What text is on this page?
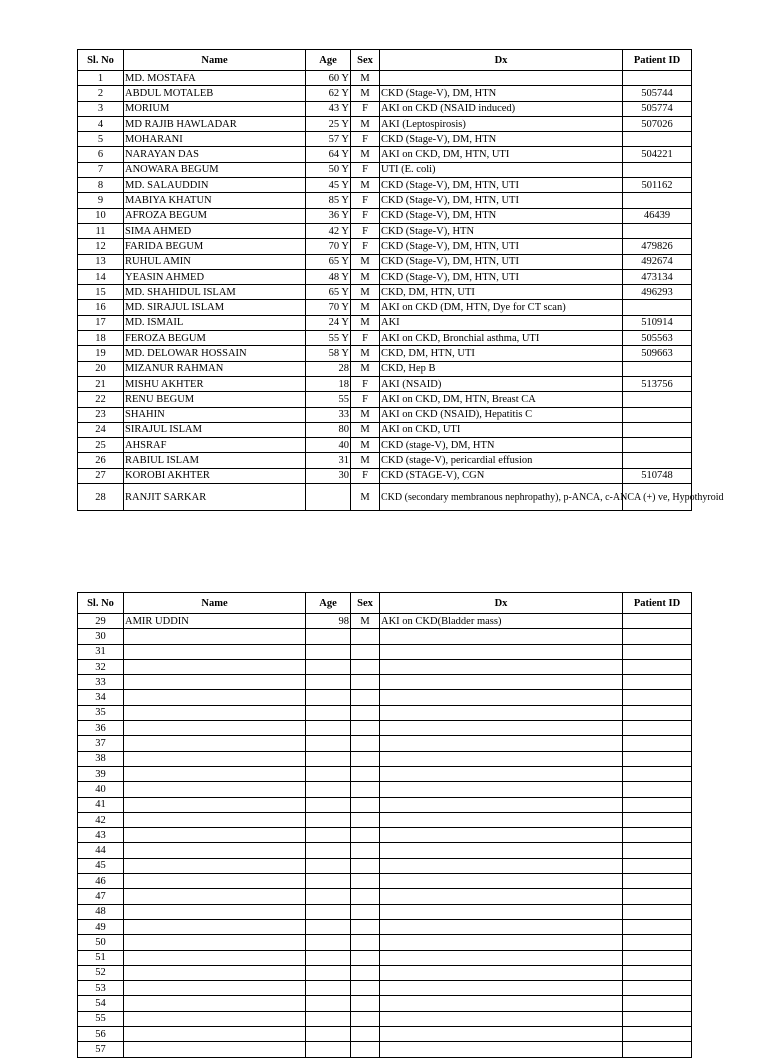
Sl. No	Name	Age	Sex	Dx	Patient ID
1	MD. MOSTAFA	60 Y	M		
2	ABDUL MOTALEB	62 Y	M	CKD (Stage-V), DM, HTN	505744
3	MORIUM	43 Y	F	AKI on CKD (NSAID induced)	505774
4	MD RAJIB HAWLADAR	25 Y	M	AKI (Leptospirosis)	507026
5	MOHARANI	57 Y	F	CKD (Stage-V), DM, HTN	
6	NARAYAN DAS	64 Y	M	AKI on CKD, DM, HTN, UTI	504221
7	ANOWARA BEGUM	50 Y	F	UTI (E. coli)	
8	MD. SALAUDDIN	45 Y	M	CKD (Stage-V), DM, HTN, UTI	501162
9	MABIYA KHATUN	85 Y	F	CKD (Stage-V), DM, HTN, UTI	
10	AFROZA BEGUM	36 Y	F	CKD (Stage-V), DM, HTN	46439
11	SIMA AHMED	42 Y	F	CKD (Stage-V), HTN	
12	FARIDA BEGUM	70 Y	F	CKD (Stage-V), DM, HTN, UTI	479826
13	RUHUL AMIN	65 Y	M	CKD (Stage-V), DM, HTN, UTI	492674
14	YEASIN AHMED	48 Y	M	CKD (Stage-V), DM, HTN, UTI	473134
15	MD. SHAHIDUL ISLAM	65 Y	M	CKD, DM, HTN, UTI	496293
16	MD. SIRAJUL ISLAM	70 Y	M	AKI on CKD (DM, HTN, Dye for CT scan)	
17	MD. ISMAIL	24 Y	M	AKI	510914
18	FEROZA BEGUM	55 Y	F	AKI on CKD, Bronchial asthma, UTI	505563
19	MD. DELOWAR HOSSAIN	58 Y	M	CKD, DM, HTN, UTI	509663
20	MIZANUR RAHMAN	28	M	CKD, Hep B	
21	MISHU AKHTER	18	F	AKI (NSAID)	513756
22	RENU BEGUM	55	F	AKI on CKD, DM, HTN, Breast CA	
23	SHAHIN	33	M	AKI on CKD (NSAID), Hepatitis C	
24	SIRAJUL ISLAM	80	M	AKI on CKD, UTI	
25	AHSRAF	40	M	CKD (stage-V), DM, HTN	
26	RABIUL ISLAM	31	M	CKD (stage-V), pericardial effusion	
27	KOROBI AKHTER	30	F	CKD (STAGE-V), CGN	510748
28	RANJIT SARKAR		M	CKD (secondary membranous nephropathy), p-ANCA, c-ANCA (+) ve, Hypothyroid	
Sl. No	Name	Age	Sex	Dx	Patient ID
29	AMIR UDDIN	98	M	AKI on CKD(Bladder mass)	
30					
31					
32					
33					
34					
35					
36					
37					
38					
39					
40					
41					
42					
43					
44					
45					
46					
47					
48					
49					
50					
51					
52					
53					
54					
55					
56					
57					
